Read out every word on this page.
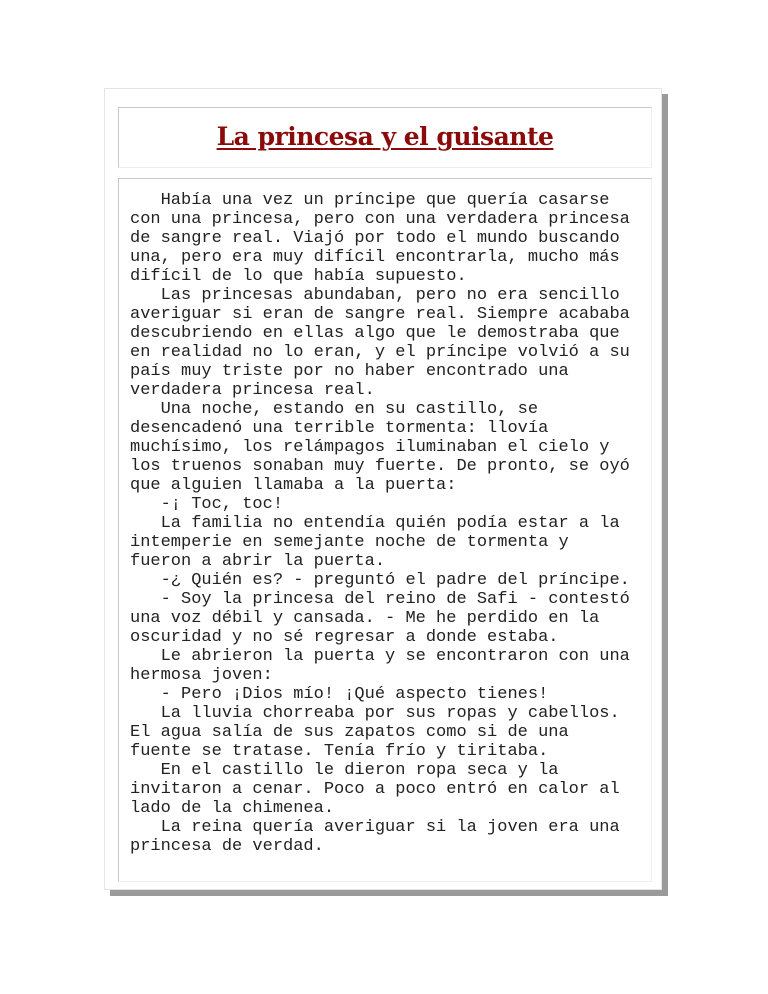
La princesa y el guisante
Había una vez un príncipe que quería casarse
con una princesa, pero con una verdadera princesa
de sangre real. Viajó por todo el mundo buscando
una, pero era muy difícil encontrarla, mucho más
difícil de lo que había supuesto.
Las princesas abundaban, pero no era sencillo
averiguar si eran de sangre real. Siempre acababa
descubriendo en ellas algo que le demostraba que
en realidad no lo eran, y el príncipe volvió a su
país muy triste por no haber encontrado una
verdadera princesa real.
Una noche, estando en su castillo, se
desencadenó una terrible tormenta: llovía
muchísimo, los relámpagos iluminaban el cielo y
los truenos sonaban muy fuerte. De pronto, se oyó
que alguien llamaba a la puerta:
-¡ Toc, toc!
La familia no entendía quién podía estar a la
intemperie en semejante noche de tormenta y
fueron a abrir la puerta.
-¿ Quién es? - preguntó el padre del príncipe.
- Soy la princesa del reino de Safi - contestó
una voz débil y cansada. - Me he perdido en la
oscuridad y no sé regresar a donde estaba.
Le abrieron la puerta y se encontraron con una
hermosa joven:
- Pero ¡Dios mío! ¡Qué aspecto tienes!
La lluvia chorreaba por sus ropas y cabellos.
El agua salía de sus zapatos como si de una
fuente se tratase. Tenía frío y tiritaba.
En el castillo le dieron ropa seca y la
invitaron a cenar. Poco a poco entró en calor al
lado de la chimenea.
La reina quería averiguar si la joven era una
princesa de verdad.
